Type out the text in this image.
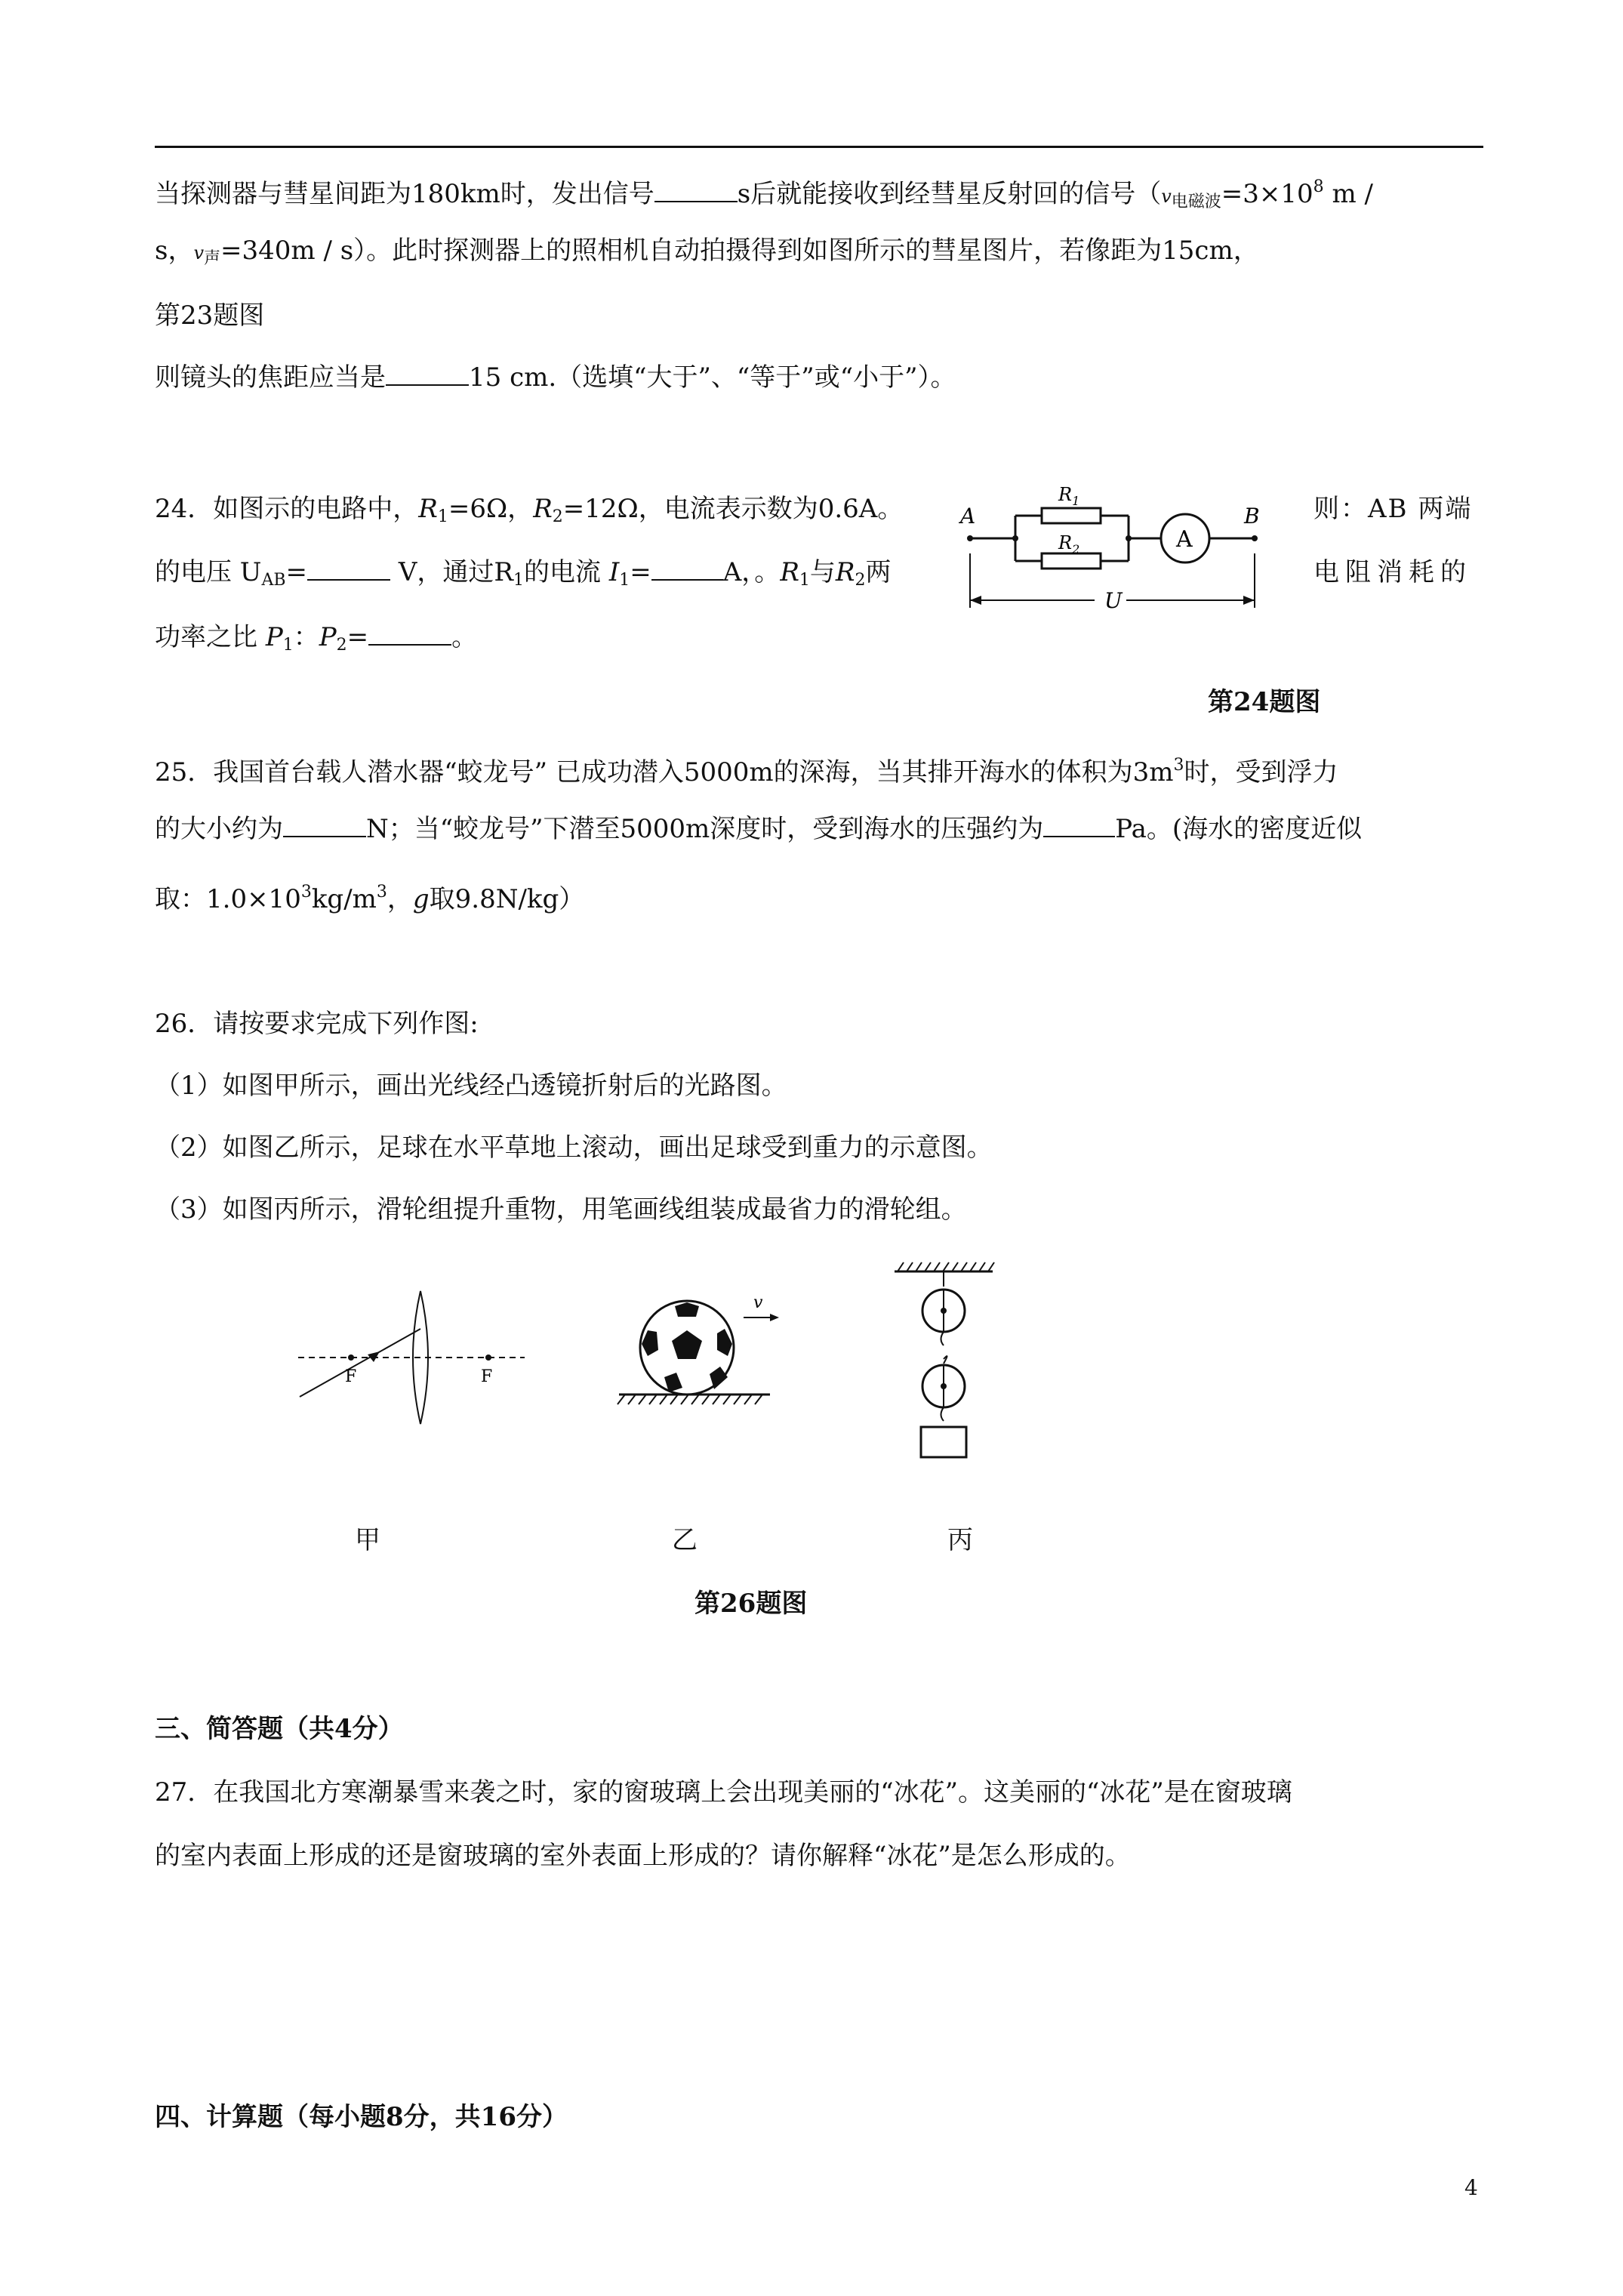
当探测器与彗星间距为180km时，发出信号	s后就能接收到经彗星反射回的信号（$v_{电磁波}=3\times 10^8$ m /
s，$v_声=340m / s$）。此时探测器上的照相机自动拍摄得到如图所示的彗星图片，若像距为15cm，
第23题图
则镜头的焦距应当是	15 cm.（选填“大于”、“等于”或“小于”）。
24．如图示的电路中，$R_1=6\Omega$，$R_2=12\Omega$，电流表示数为0.6A。	则：AB 两端
的电压 $U_{AB}=$	V，通过$R_1$的电流 $I_1=$	A，。$R_1$与$R_2$两	电阻消耗的
功率之比 $P_1$：$P_2=$	。
A	B
A
$R_1$
$R_2$
U
第24题图
25．我国首台载人潜水器“蛟龙号” 已成功潜入5000m的深海，当其排开海水的体积为$3m^3$时，受到浮力
的大小约为	N；当“蛟龙号”下潜至5000m深度时，受到海水的压强约为	Pa。(海水的密度近似
取：$1.0\times 10^3kg/m^3$，g取9.8N/kg）
26．请按要求完成下列作图:
（1）如图甲所示，画出光线经凸透镜折射后的光路图。
（2）如图乙所示，足球在水平草地上滚动，画出足球受到重力的示意图。
（3）如图丙所示，滑轮组提升重物，用笔画线组装成最省力的滑轮组。
F	F
v
甲	乙	丙
第26题图
三、简答题（共4分）
27．在我国北方寒潮暴雪来袭之时，家的窗玻璃上会出现美丽的“冰花”。这美丽的“冰花”是在窗玻璃
的室内表面上形成的还是窗玻璃的室外表面上形成的？请你解释“冰花”是怎么形成的。
四、计算题（每小题8分，共16分）
4
